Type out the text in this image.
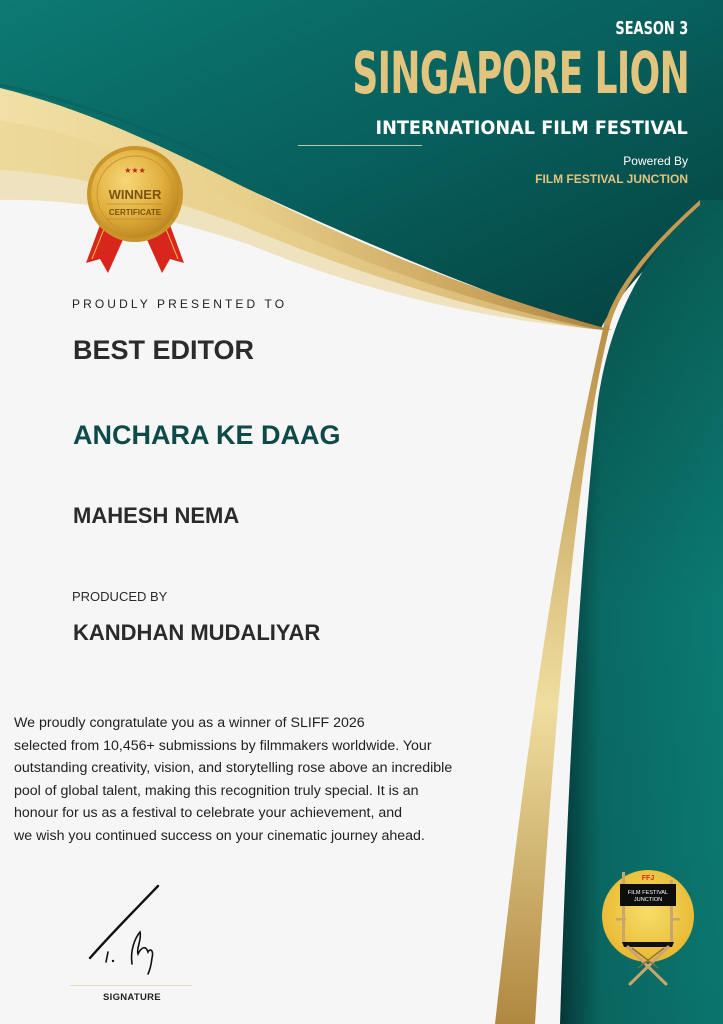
SEASON 3
SINGAPORE LION
INTERNATIONAL FILM FESTIVAL
Powered By
FILM FESTIVAL JUNCTION
★★★
WINNER
CERTIFICATE
PROUDLY PRESENTED TO
BEST EDITOR
ANCHARA KE DAAG
MAHESH NEMA
PRODUCED BY
KANDHAN MUDALIYAR
We proudly congratulate you as a winner of SLIFF 2026
selected from 10,456+ submissions by filmmakers worldwide. Your
outstanding creativity, vision, and storytelling rose above an incredible
pool of global talent, making this recognition truly special. It is an
honour for us as a festival to celebrate your achievement, and
we wish you continued success on your cinematic journey ahead.
SIGNATURE
FFJ
FILM FESTIVAL
JUNCTION
